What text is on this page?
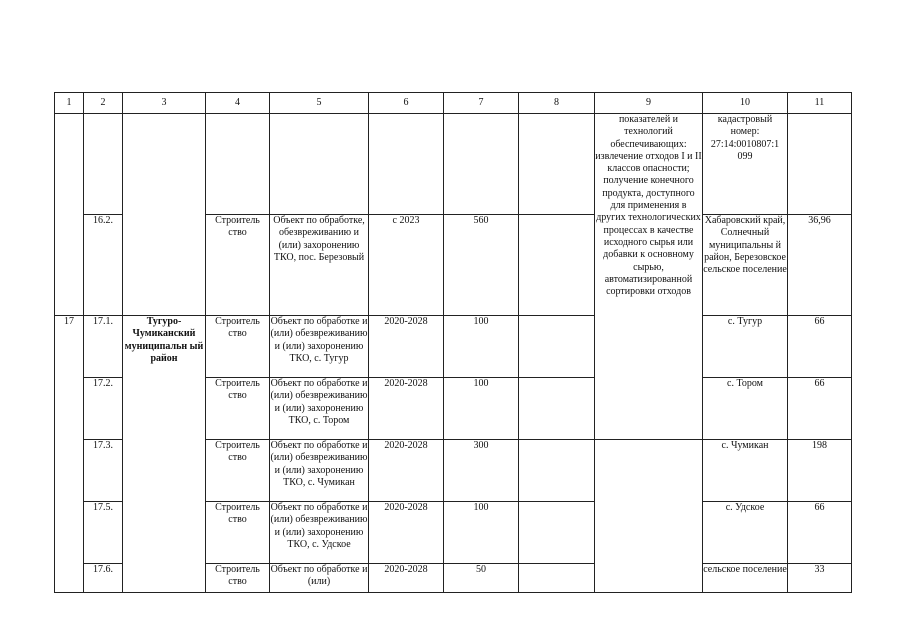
1	2	3	4	5	6	7	8	9	10	11
								показателей и технологий обеспечивающих: извлечение отходов I и II классов опасности; получение конечного продукта, доступного для применения в других технологических процессах в качестве исходного сырья или добавки к основному сырью, автоматизированной сортировки отходов	кадастровый номер: 27:14:0010807:1 099	
	16.2.		Строитель ство	Объект по обработке, обезвреживанию и (или) захоронению ТКО, пос. Березовый	с 2023	560			Хабаровский край, Солнечный муниципальны й район, Березовское сельское поселение	36,96
17	17.1.	Тугуро- Чумиканский муниципальн ый район	Строитель ство	Объект по обработке и (или) обезвреживанию и (или) захоронению ТКО, с. Тугур	2020-2028	100			с. Тугур	66
	17.2.		Строитель ство	Объект по обработке и (или) обезвреживанию и (или) захоронению ТКО, с. Тором	2020-2028	100			с. Тором	66
	17.3.		Строитель ство	Объект по обработке и (или) обезвреживанию и (или) захоронению ТКО, с. Чумикан	2020-2028	300			с. Чумикан	198
	17.5.		Строитель ство	Объект по обработке и (или) обезвреживанию и (или) захоронению ТКО, с. Удское	2020-2028	100			с. Удское	66
	17.6.		Строитель ство	Объект по обработке и (или)	2020-2028	50			сельское поселение	33
